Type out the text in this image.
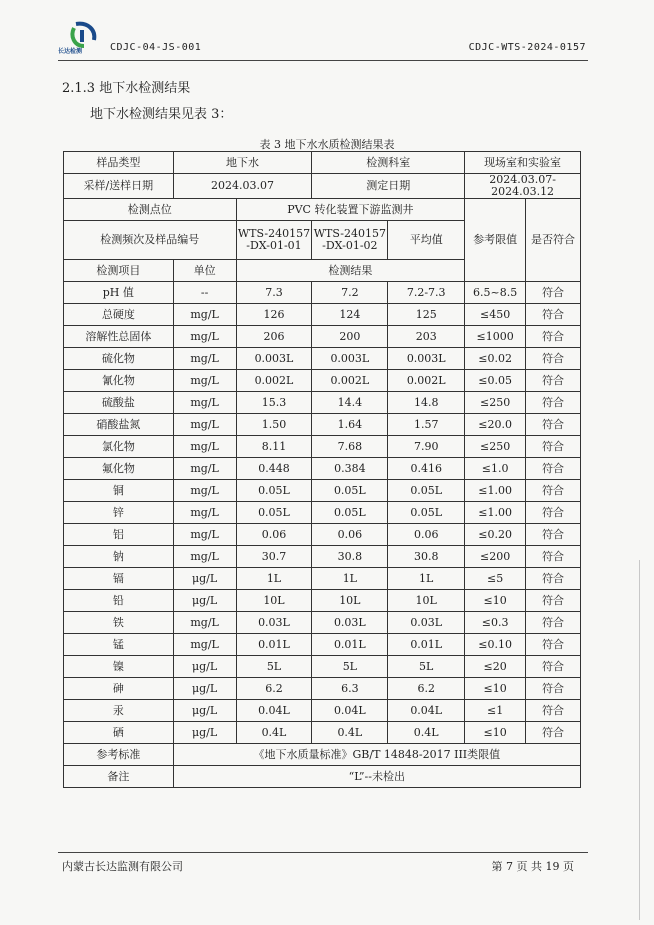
长达检测	CDJC-04-JS-001	CDJC-WTS-2024-0157
2.1.3 地下水检测结果
地下水检测结果见表 3：
表 3 地下水水质检测结果表
样品类型	地下水		检测科室		现场室和实验室	
采样/送样日期	2024.03.07		测定日期		2024.03.07-2024.03.12	
检测点位		PVC 转化装置下游监测井			参考限值	是否符合
检测频次及样品编号		WTS-240157
-DX-01-01	WTS-240157
-DX-01-02	平均值		
检测项目	单位	检测结果				
pH 值	--	7.3	7.2	7.2-7.3	6.5~8.5	符合
总硬度	mg/L	126	124	125	≤450	符合
溶解性总固体	mg/L	206	200	203	≤1000	符合
硫化物	mg/L	0.003L	0.003L	0.003L	≤0.02	符合
氰化物	mg/L	0.002L	0.002L	0.002L	≤0.05	符合
硫酸盐	mg/L	15.3	14.4	14.8	≤250	符合
硝酸盐氮	mg/L	1.50	1.64	1.57	≤20.0	符合
氯化物	mg/L	8.11	7.68	7.90	≤250	符合
氟化物	mg/L	0.448	0.384	0.416	≤1.0	符合
铜	mg/L	0.05L	0.05L	0.05L	≤1.00	符合
锌	mg/L	0.05L	0.05L	0.05L	≤1.00	符合
铝	mg/L	0.06	0.06	0.06	≤0.20	符合
钠	mg/L	30.7	30.8	30.8	≤200	符合
镉	μg/L	1L	1L	1L	≤5	符合
铅	μg/L	10L	10L	10L	≤10	符合
铁	mg/L	0.03L	0.03L	0.03L	≤0.3	符合
锰	mg/L	0.01L	0.01L	0.01L	≤0.10	符合
镍	μg/L	5L	5L	5L	≤20	符合
砷	μg/L	6.2	6.3	6.2	≤10	符合
汞	μg/L	0.04L	0.04L	0.04L	≤1	符合
硒	μg/L	0.4L	0.4L	0.4L	≤10	符合
参考标准	《地下水质量标准》GB/T 14848-2017 III类限值					
备注	“L”--未检出					
内蒙古长达监测有限公司	第 7 页 共 19 页
